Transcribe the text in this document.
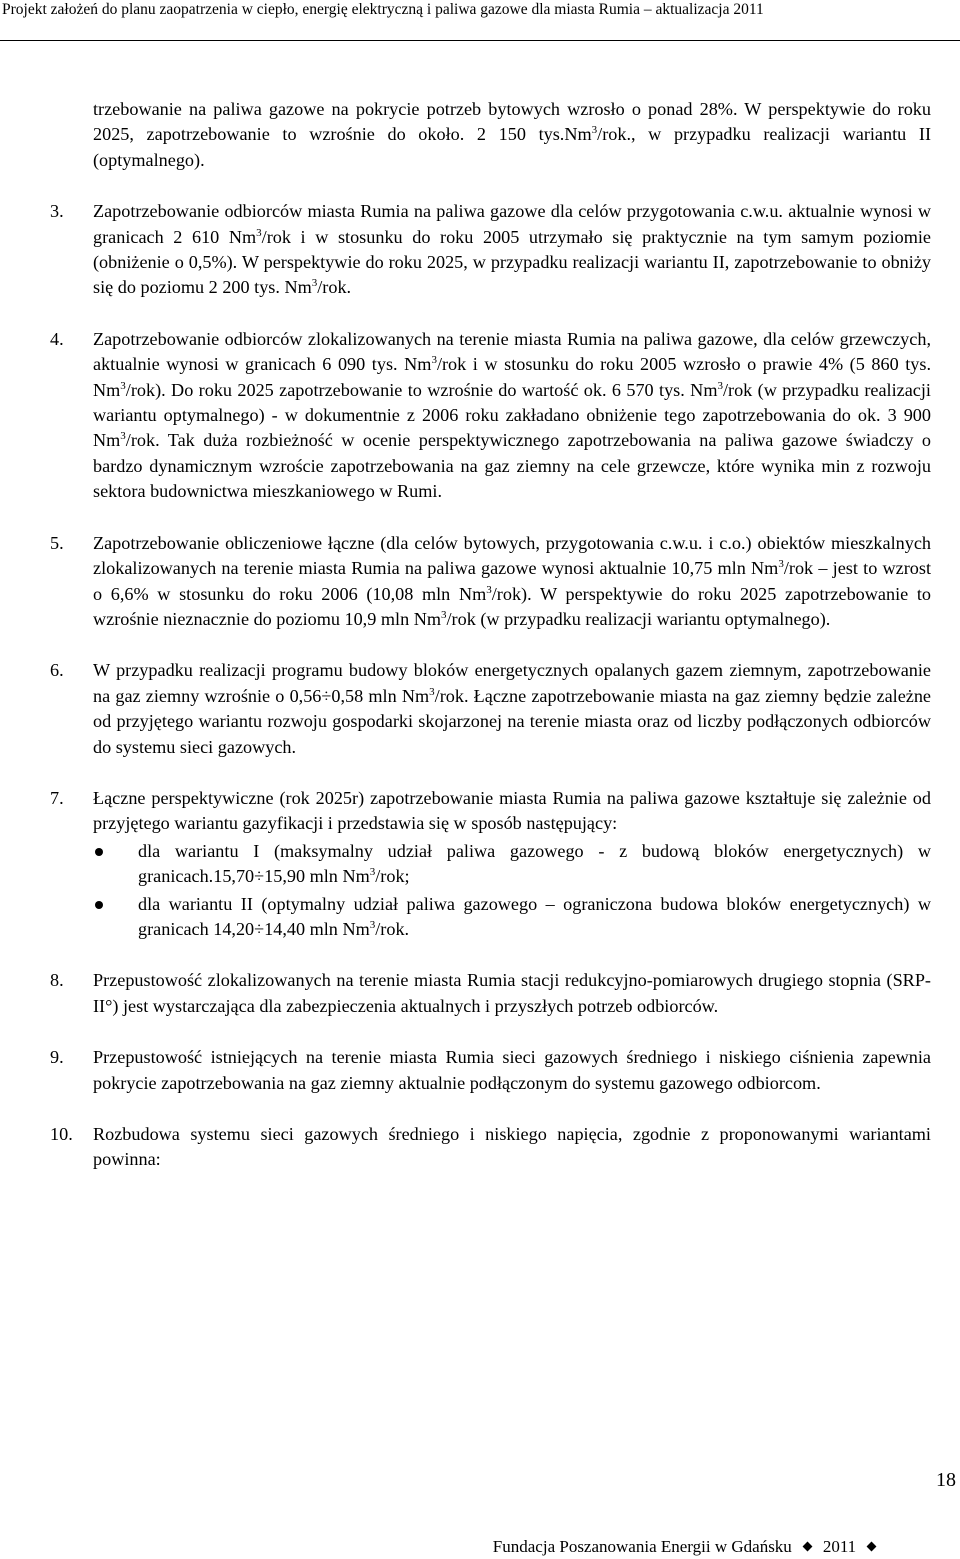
Projekt założeń do planu zaopatrzenia w ciepło, energię elektryczną i paliwa gazowe dla miasta Rumia – aktualizacja 2011

trzebowanie na paliwa gazowe na pokrycie potrzeb bytowych wzrosło o ponad 28%. W perspektywie do roku 2025, zapotrzebowanie to wzrośnie do około. 2 150 tys.Nm$^3$/rok., w przypadku realizacji wariantu II (optymalnego).

3. Zapotrzebowanie odbiorców miasta Rumia na paliwa gazowe dla celów przygotowania c.w.u. aktualnie wynosi w granicach 2 610 Nm$^3$/rok i w stosunku do roku 2005 utrzymało się praktycznie na tym samym poziomie (obniżenie o 0,5%). W perspektywie do roku 2025, w przypadku realizacji wariantu II, zapotrzebowanie to obniży się do poziomu 2 200 tys. Nm$^3$/rok.

4. Zapotrzebowanie odbiorców zlokalizowanych na terenie miasta Rumia na paliwa gazowe, dla celów grzewczych, aktualnie wynosi w granicach 6 090 tys. Nm$^3$/rok i w stosunku do roku 2005 wzrosło o prawie 4% (5 860 tys. Nm$^3$/rok). Do roku 2025 zapotrzebowanie to wzrośnie do wartość ok. 6 570 tys. Nm$^3$/rok (w przypadku realizacji wariantu optymalnego) - w dokumentnie z 2006 roku zakładano obniżenie tego zapotrzebowania do ok. 3 900 Nm$^3$/rok. Tak duża rozbieżność w ocenie perspektywicznego zapotrzebowania na paliwa gazowe świadczy o bardzo dynamicznym wzroście zapotrzebowania na gaz ziemny na cele grzewcze, które wynika min z rozwoju sektora budownictwa mieszkaniowego w Rumi.

5. Zapotrzebowanie obliczeniowe łączne (dla celów bytowych, przygotowania c.w.u. i c.o.) obiektów mieszkalnych zlokalizowanych na terenie miasta Rumia na paliwa gazowe wynosi aktualnie 10,75 mln Nm$^3$/rok – jest to wzrost o 6,6% w stosunku do roku 2006 (10,08 mln Nm$^3$/rok). W perspektywie do roku 2025 zapotrzebowanie to wzrośnie nieznacznie do poziomu 10,9 mln Nm$^3$/rok (w przypadku realizacji wariantu optymalnego).

6. W przypadku realizacji programu budowy bloków energetycznych opalanych gazem ziemnym, zapotrzebowanie na gaz ziemny wzrośnie o 0,56÷0,58 mln Nm$^3$/rok. Łączne zapotrzebowanie miasta na gaz ziemny będzie zależne od przyjętego wariantu rozwoju gospodarki skojarzonej na terenie miasta oraz od liczby podłączonych odbiorców do systemu sieci gazowych.

7. Łączne perspektywiczne (rok 2025r) zapotrzebowanie miasta Rumia na paliwa gazowe kształtuje się zależnie od przyjętego wariantu gazyfikacji i przedstawia się w sposób następujący:

dla wariantu I (maksymalny udział paliwa gazowego - z budową bloków energetycznych) w granicach.15,70÷15,90 mln Nm$^3$/rok;
dla wariantu II (optymalny udział paliwa gazowego – ograniczona budowa bloków energetycznych) w granicach 14,20÷14,40 mln Nm$^3$/rok.

8. Przepustowość zlokalizowanych na terenie miasta Rumia stacji redukcyjno-pomiarowych drugiego stopnia (SRP-II°) jest wystarczająca dla zabezpieczenia aktualnych i przyszłych potrzeb odbiorców.

9. Przepustowość istniejących na terenie miasta Rumia sieci gazowych średniego i niskiego ciśnienia zapewnia pokrycie zapotrzebowania na gaz ziemny aktualnie podłączonym do systemu gazowego odbiorcom.

10. Rozbudowa systemu sieci gazowych średniego i niskiego napięcia, zgodnie z proponowanymi wariantami powinna:

18
Fundacja Poszanowania Energii w Gdańsku 2011
